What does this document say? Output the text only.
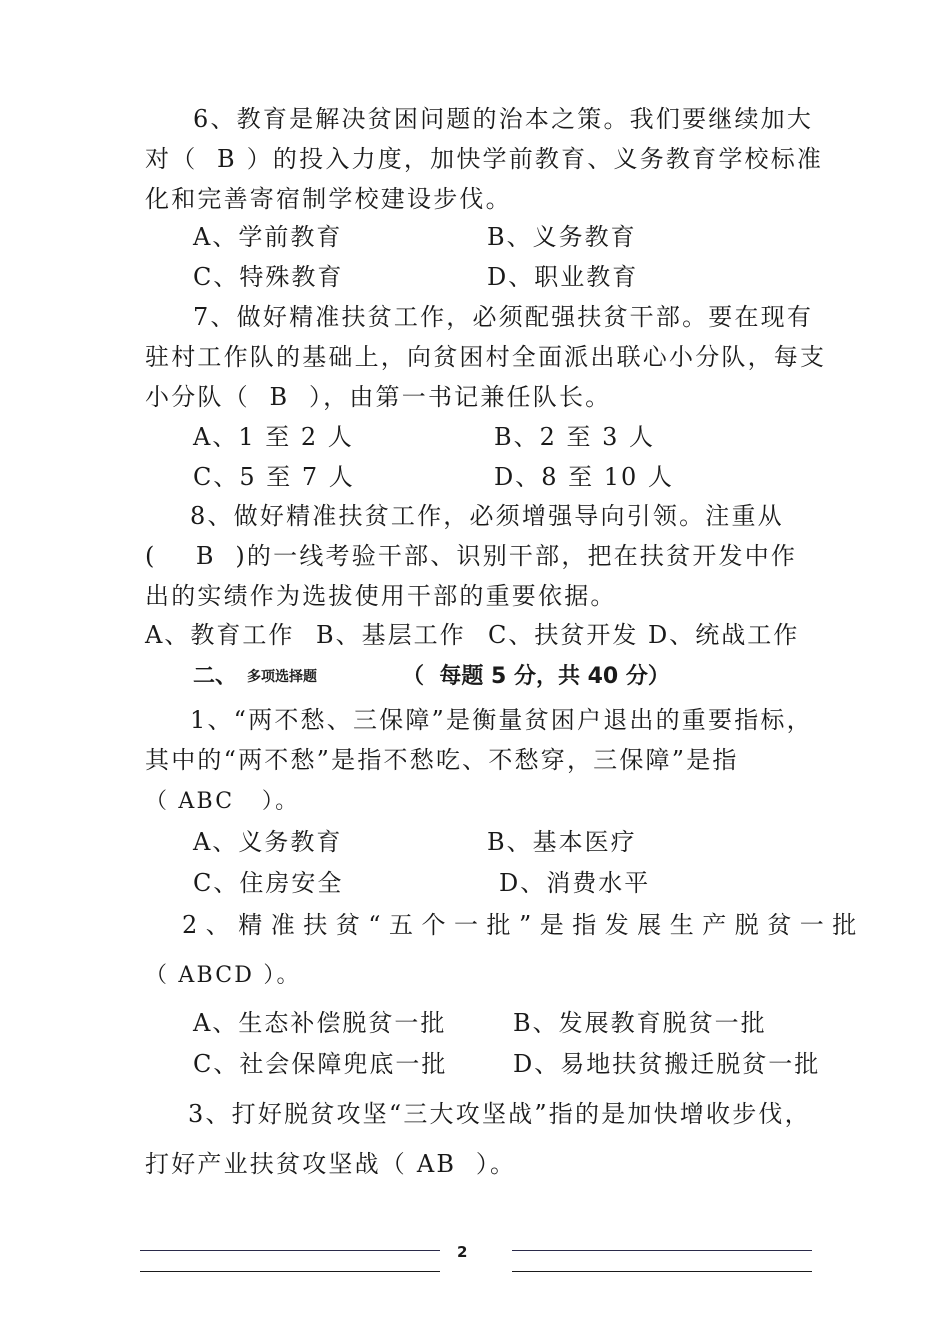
6、教育是解决贫困问题的治本之策。我们要继续加大
对（  B ）的投入力度，加快学前教育、义务教育学校标准
化和完善寄宿制学校建设步伐。
A、学前教育	B、义务教育
C、特殊教育	D、职业教育
7、做好精准扶贫工作，必须配强扶贫干部。要在现有
驻村工作队的基础上，向贫困村全面派出联心小分队，每支
小分队（  B  ），由第一书记兼任队长。
A、1 至 2 人	B、2 至 3 人
C、5 至 7 人	D、8 至 10 人
8、做好精准扶贫工作，必须增强导向引领。注重从
(    B  )的一线考验干部、识别干部，把在扶贫开发中作
出的实绩作为选拔使用干部的重要依据。
A、教育工作 B、基层工作 C、扶贫开发 D、统战工作
二、 多项选择题	（  每题 5 分，共 40 分）
1、“两不愁、三保障”是衡量贫困户退出的重要指标，
其中的“两不愁”是指不愁吃、不愁穿，三保障”是指
（ ABC   ）。
A、义务教育	B、基本医疗
C、住房安全	D、消费水平
2、精准扶贫“五个一批”是指发展生产脱贫一批
（ ABCD ）。
A、生态补偿脱贫一批	B、发展教育脱贫一批
C、社会保障兜底一批	D、易地扶贫搬迁脱贫一批
3、打好脱贫攻坚“三大攻坚战”指的是加快增收步伐，
打好产业扶贫攻坚战（ AB  ）。
2
